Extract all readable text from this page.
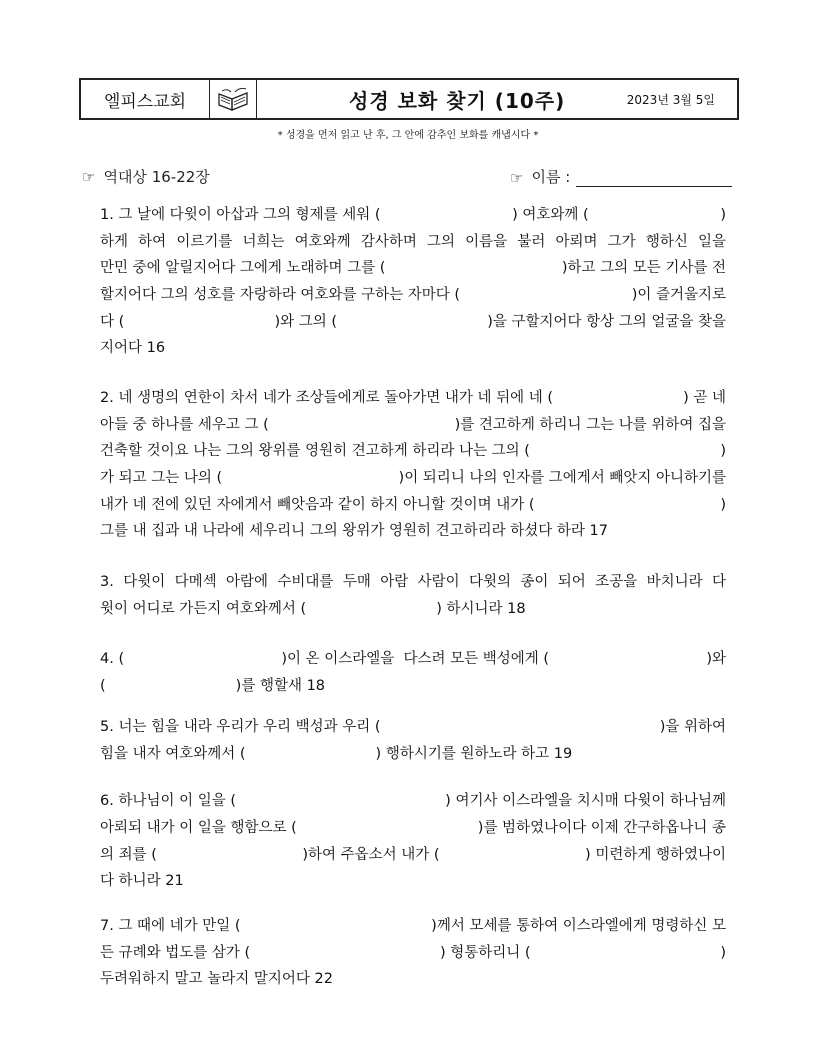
엘피스교회	성경 보화 찾기 (10주)	2023년 3월 5일
* 성경을 먼저 읽고 난 후, 그 안에 감추인 보화를 캐냅시다 *
☞ 역대상 16-22장	☞ 이름 :
1. 그 날에 다윗이 아삽과 그의 형제를 세워 (	) 여호와께 (	)
하게 하여 이르기를 너희는 여호와께 감사하며 그의 이름을 불러 아뢰며 그가 행하신 일을
만민 중에 알릴지어다 그에게 노래하며 그를 (	)하고 그의 모든 기사를 전
할지어다 그의 성호를 자랑하라 여호와를 구하는 자마다 (	)이 즐거울지로
다 (	)와 그의 (	)을 구할지어다 항상 그의 얼굴을 찾을
지어다 16
2. 네 생명의 연한이 차서 네가 조상들에게로 돌아가면 내가 네 뒤에 네 (	) 곧 네
아들 중 하나를 세우고 그 (	)를 견고하게 하리니 그는 나를 위하여 집을
건축할 것이요 나는 그의 왕위를 영원히 견고하게 하리라 나는 그의 (	)
가 되고 그는 나의 (	)이 되리니 나의 인자를 그에게서 빼앗지 아니하기를
내가 네 전에 있던 자에게서 빼앗음과 같이 하지 아니할 것이며 내가 (	)
그를 내 집과 내 나라에 세우리니 그의 왕위가 영원히 견고하리라 하셨다 하라 17
3. 다윗이 다메섹 아람에 수비대를 두매 아람 사람이 다윗의 종이 되어 조공을 바치니라 다
윗이 어디로 가든지 여호와께서 (	) 하시니라 18
4. (	)이 온 이스라엘을  다스려 모든 백성에게 (	)와
(	)를 행할새 18
5. 너는 힘을 내라 우리가 우리 백성과 우리 (	)을 위하여
힘을 내자 여호와께서 (	) 행하시기를 원하노라 하고 19
6. 하나님이 이 일을 (	) 여기사 이스라엘을 치시매 다윗이 하나님께
아뢰되 내가 이 일을 행함으로 (	)를 범하였나이다 이제 간구하옵나니 종
의 죄를 (	)하여 주옵소서 내가 (	) 미련하게 행하였나이
다 하니라 21
7. 그 때에 네가 만일 (	)께서 모세를 통하여 이스라엘에게 명령하신 모
든 규례와 법도를 삼가 (	) 형통하리니 (	)
두려워하지 말고 놀라지 말지어다 22
